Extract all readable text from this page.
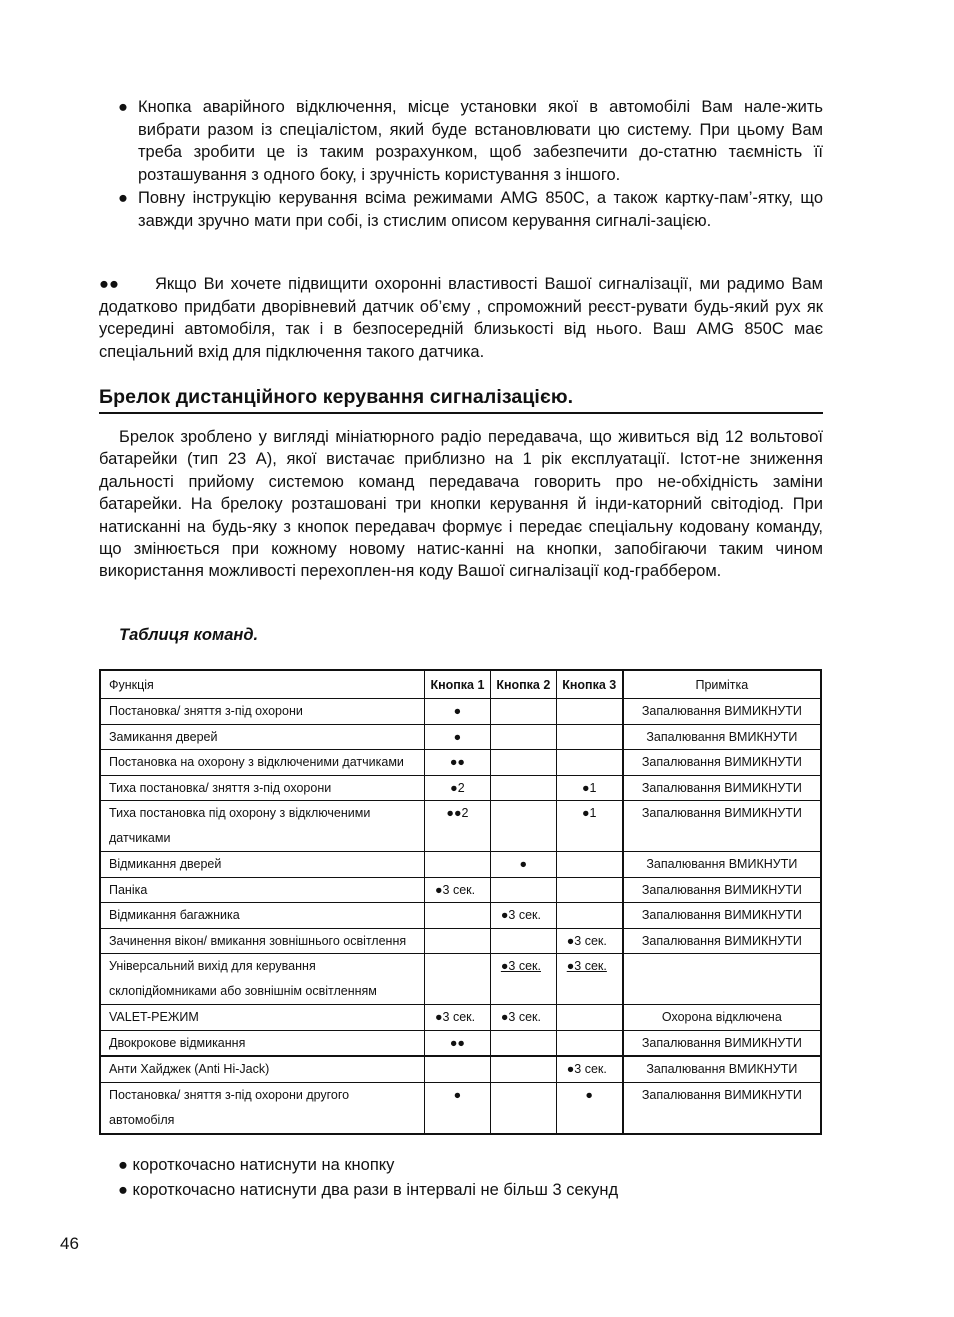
● Кнопка аварійного відключення, місце установки якої в автомобілі Вам нале-жить вибрати разом із спеціалістом, який буде встановлювати цю систему. При цьому Вам треба зробити це із таким розрахунком, щоб забезпечити до-статню таємність її розташування з одного боку, і зручність користування з іншого.
● Повну інструкцію керування всіма режимами AMG 850C, а також картку-пам’-ятку, що завжди зручно мати при собі, із стислим описом керування сигналі-зацією.
●● Якщо Ви хочете підвищити охоронні властивості Вашої сигналізації, ми радимо Вам додатково придбати дворівневий датчик об’єму , спроможний реєст-рувати будь-який рух як усередині автомобіля, так і в безпосередній близькості від нього. Ваш AMG 850C має спеціальний вхід для підключення такого датчика.
Брелок дистанційного керування сигналізацією.
Брелок зроблено у вигляді мініатюрного радіо передавача, що живиться від 12 вольтової батарейки (тип 23 А), якої вистачає приблизно на 1 рік експлуатації. Істот-не зниження дальності прийому системою команд передавача говорить про не-обхідність заміни батарейки. На брелоку розташовані три кнопки керування й інди-каторний світодіод. При натисканні на будь-яку з кнопок передавач формує і передає спеціальну кодовану команду, що змінюється при кожному новому натис-канні на кнопки, запобігаючи таким чином використання можливості перехоплен-ня коду Вашої сигналізації код-граббером.
Таблиця команд.
Функція	Кнопка 1	Кнопка 2	Кнопка 3	Примітка
Постановка/ зняття з-під охорони	●			Запалювання ВИМИКНУТИ
Замикання дверей	●			Запалювання ВМИКНУТИ
Постановка на охорону з відключеними датчиками	●●			Запалювання ВИМИКНУТИ
Тиха постановка/ зняття з-під охорони	●2		●1	Запалювання ВИМИКНУТИ
Тиха постановка під охорону з відключеними датчиками	●●2		●1	Запалювання ВИМИКНУТИ
Відмикання дверей		●		Запалювання ВМИКНУТИ
Паніка	●3 сек.			Запалювання ВИМИКНУТИ
Відмикання багажника		●3 сек.		Запалювання ВИМИКНУТИ
Зачинення вікон/ вмикання зовнішнього освітлення			●3 сек.	Запалювання ВИМИКНУТИ
Універсальний вихід для керування склопідйомниками або зовнішнім освітленням		●3 сек.	●3 сек.	
VALET-РЕЖИМ	●3 сек.	●3 сек.		Охорона відключена
Двокрокове відмикання	●●			Запалювання ВИМИКНУТИ
Анти Хайджек (Anti Hi-Jack)			●3 сек.	Запалювання ВМИКНУТИ
Постановка/ зняття з-під охорони другого автомобіля	●		●	Запалювання ВИМИКНУТИ
● короткочасно натиснути на кнопку
● короткочасно натиснути два рази в інтервалі не більш 3 секунд
46
